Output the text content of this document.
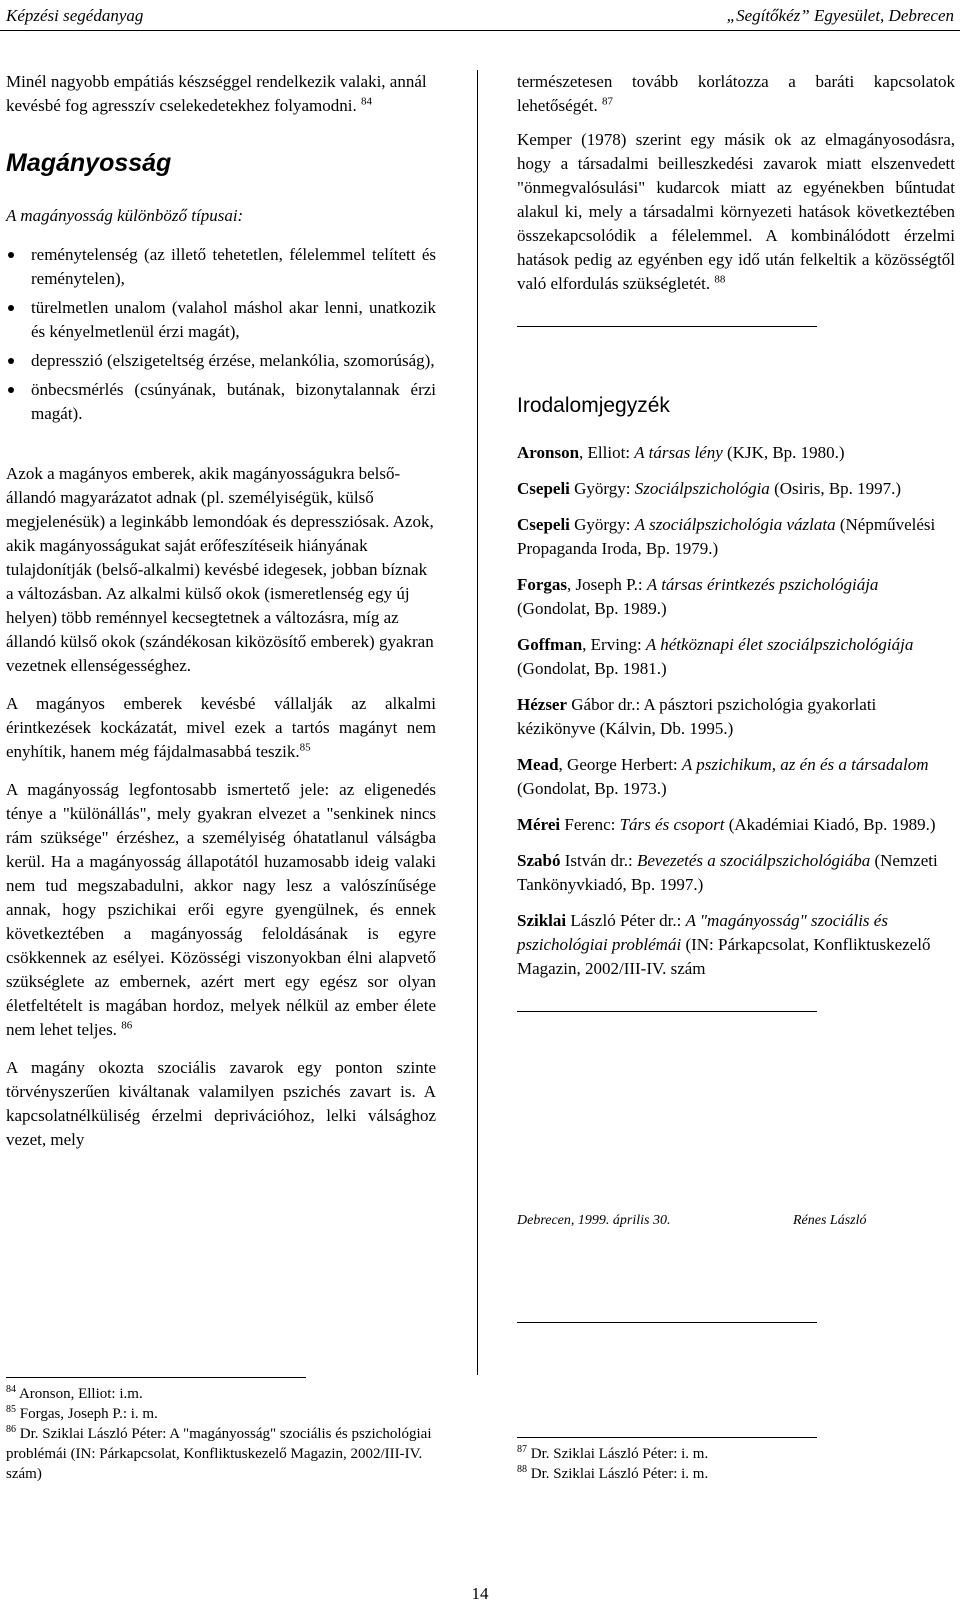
Képzési segédanyag	„Segítőkéz” Egyesület, Debrecen

Minél nagyobb empátiás készséggel rendelkezik valaki, annál kevésbé fog agresszív cselekedetekhez folyamodni. $^{84}$

Magányosság

A magányosság különböző típusai:

reménytelenség (az illető tehetetlen, félelemmel telített és reménytelen),
türelmetlen unalom (valahol máshol akar lenni, unatkozik és kényelmetlenül érzi magát),
depresszió (elszigeteltség érzése, melankólia, szomorúság),
önbecsmérlés (csúnyának, butának, bizonytalannak érzi magát).

Azok a magányos emberek, akik magányosságukra belső-állandó magyarázatot adnak (pl. személyiségük, külső megjelenésük) a leginkább lemondóak és depressziósak. Azok, akik magányosságukat saját erőfeszítéseik hiányának tulajdonítják (belső-alkalmi) kevésbé idegesek, jobban bíznak a változásban. Az alkalmi külső okok (ismeretlenség egy új helyen) több reménnyel kecsegtetnek a változásra, míg az állandó külső okok (szándékosan kiközösítő emberek) gyakran vezetnek ellenségességhez.

A magányos emberek kevésbé vállalják az alkalmi érintkezések kockázatát, mivel ezek a tartós magányt nem enyhítik, hanem még fájdalmasabbá teszik.$^{85}$

A magányosság legfontosabb ismertető jele: az eligenedés ténye a "különállás", mely gyakran elvezet a "senkinek nincs rám szüksége" érzéshez, a személyiség óhatatlanul válságba kerül. Ha a magányosság állapotától huzamosabb ideig valaki nem tud megszabadulni, akkor nagy lesz a valószínűsége annak, hogy pszichikai erői egyre gyengülnek, és ennek következtében a magányosság feloldásának is egyre csökkennek az esélyei. Közösségi viszonyokban élni alapvető szükséglete az embernek, azért mert egy egész sor olyan életfeltételt is magában hordoz, melyek nélkül az ember élete nem lehet teljes. $^{86}$

A magány okozta szociális zavarok egy ponton szinte törvényszerűen kiváltanak valamilyen pszichés zavart is. A kapcsolatnélküliség érzelmi deprivációhoz, lelki válsághoz vezet, mely

természetesen tovább korlátozza a baráti kapcsolatok lehetőségét. $^{87}$

Kemper (1978) szerint egy másik ok az elmagányosodásra, hogy a társadalmi beilleszkedési zavarok miatt elszenvedett "önmegvalósulási" kudarcok miatt az egyénekben bűntudat alakul ki, mely a társadalmi környezeti hatások következtében összekapcsolódik a félelemmel. A kombinálódott érzelmi hatások pedig az egyénben egy idő után felkeltik a közösségtől való elfordulás szükségletét. $^{88}$

Irodalomjegyzék

Aronson, Elliot: A társas lény (KJK, Bp. 1980.)

Csepeli György: Szociálpszichológia (Osiris, Bp. 1997.)

Csepeli György: A szociálpszichológia vázlata (Népművelési Propaganda Iroda, Bp. 1979.)

Forgas, Joseph P.: A társas érintkezés pszichológiája (Gondolat, Bp. 1989.)

Goffman, Erving: A hétköznapi élet szociálpszichológiája (Gondolat, Bp. 1981.)

Hézser Gábor dr.: A pásztori pszichológia gyakorlati kézikönyve (Kálvin, Db. 1995.)

Mead, George Herbert: A pszichikum, az én és a társadalom (Gondolat, Bp. 1973.)

Mérei Ferenc: Társ és csoport (Akadémiai Kiadó, Bp. 1989.)

Szabó István dr.: Bevezetés a szociálpszichológiába (Nemzeti Tankönyvkiadó, Bp. 1997.)

Sziklai László Péter dr.: A "magányosság" szociális és pszichológiai problémái (IN: Párkapcsolat, Konfliktuskezelő Magazin, 2002/III-IV. szám

Debrecen, 1999. április 30.	Rénes László

$^{84}$ Aronson, Elliot: i.m.

$^{85}$ Forgas, Joseph P.: i. m.

$^{86}$ Dr. Sziklai László Péter: A "magányosság" szociális és pszichológiai problémái (IN: Párkapcsolat, Konfliktuskezelő Magazin, 2002/III-IV. szám)

$^{87}$ Dr. Sziklai László Péter: i. m.

$^{88}$ Dr. Sziklai László Péter: i. m.

14
